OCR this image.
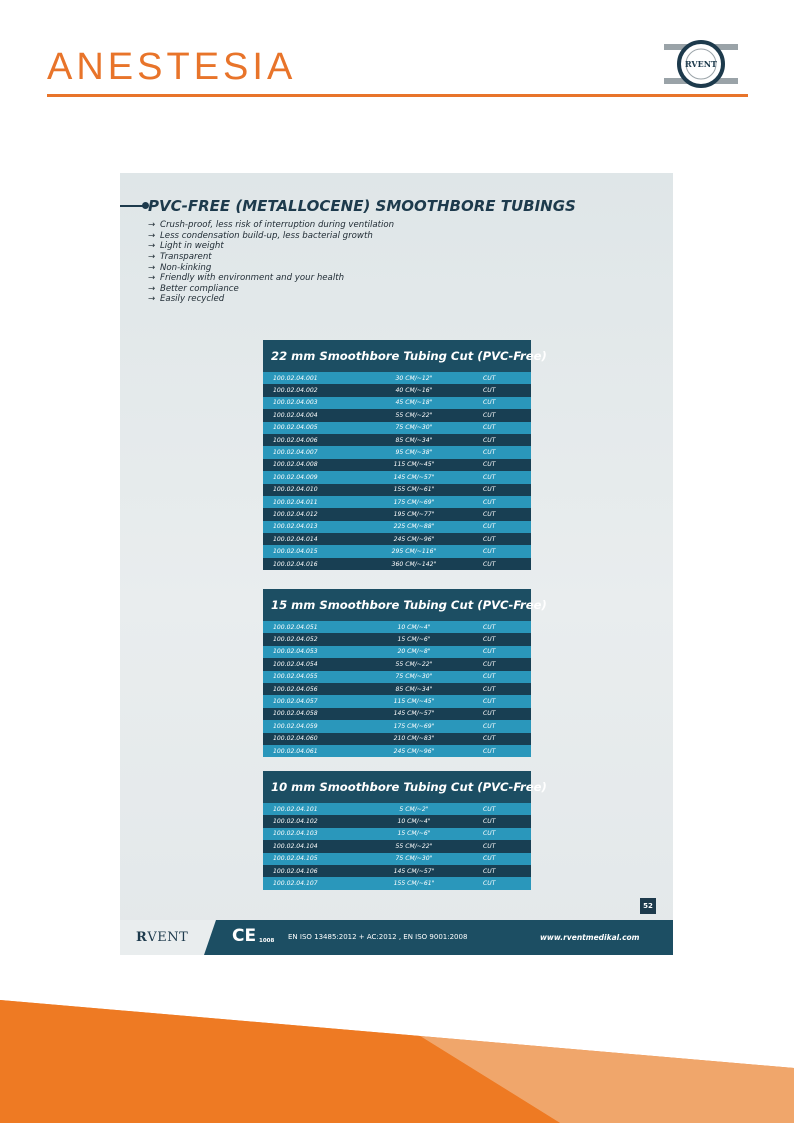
ANESTESIA	RVENT
PVC-FREE (METALLOCENE) SMOOTHBORE TUBINGS
→ Crush-proof, less risk of interruption during ventilation
→ Less condensation build-up, less bacterial growth
→ Light in weight
→ Transparent
→ Non-kinking
→ Friendly with environment and your health
→ Better compliance
→ Easily recycled
22 mm Smoothbore Tubing Cut (PVC-Free)
100.02.04.001	30 CM/~12"	CUT
100.02.04.002	40 CM/~16"	CUT
100.02.04.003	45 CM/~18"	CUT
100.02.04.004	55 CM/~22"	CUT
100.02.04.005	75 CM/~30"	CUT
100.02.04.006	85 CM/~34"	CUT
100.02.04.007	95 CM/~38"	CUT
100.02.04.008	115 CM/~45"	CUT
100.02.04.009	145 CM/~57"	CUT
100.02.04.010	155 CM/~61"	CUT
100.02.04.011	175 CM/~69"	CUT
100.02.04.012	195 CM/~77"	CUT
100.02.04.013	225 CM/~88"	CUT
100.02.04.014	245 CM/~96"	CUT
100.02.04.015	295 CM/~116"	CUT
100.02.04.016	360 CM/~142"	CUT
15 mm Smoothbore Tubing Cut (PVC-Free)
100.02.04.051	10 CM/~4"	CUT
100.02.04.052	15 CM/~6"	CUT
100.02.04.053	20 CM/~8"	CUT
100.02.04.054	55 CM/~22"	CUT
100.02.04.055	75 CM/~30"	CUT
100.02.04.056	85 CM/~34"	CUT
100.02.04.057	115 CM/~45"	CUT
100.02.04.058	145 CM/~57"	CUT
100.02.04.059	175 CM/~69"	CUT
100.02.04.060	210 CM/~83"	CUT
100.02.04.061	245 CM/~96"	CUT
10 mm Smoothbore Tubing Cut (PVC-Free)
100.02.04.101	5 CM/~2"	CUT
100.02.04.102	10 CM/~4"	CUT
100.02.04.103	15 CM/~6"	CUT
100.02.04.104	55 CM/~22"	CUT
100.02.04.105	75 CM/~30"	CUT
100.02.04.106	145 CM/~57"	CUT
100.02.04.107	155 CM/~61"	CUT
52
RVENT	CE 1008 EN ISO 13485:2012 + AC:2012 , EN ISO 9001:2008	www.rventmedikal.com
